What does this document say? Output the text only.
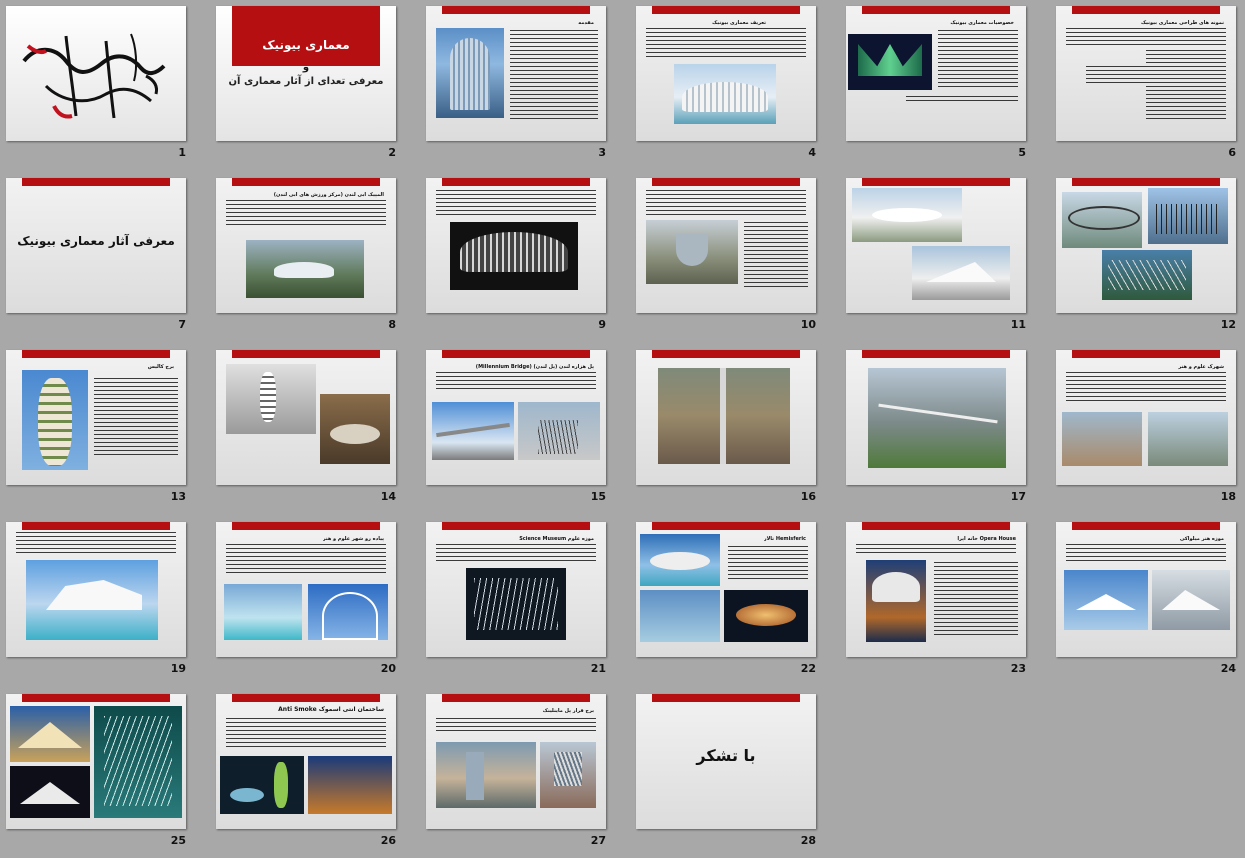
1
معماری بیونیک
و
معرفی تعدای از آثار معماری آن
2
مقدمه
3
تعریف معماری بیونیک
4
خصوصیات معماری بیونیک
5
نمونه های طراحی معماری بیونیک
6
معرفی آثار معماری بیونیک
7
المپیک آبی لندن (مرکز ورزش های آبی لندن)
8	9	10	11	12
برج کالیس
13	14
پل هزاره لندن (پل لندن) (Millennium Bridge)
15	16	17
شهرک علوم و هنر
18
19
پیاده رو شهر علوم و هنر
20
موزه علوم Science Museum
21
Hemisferic تالار
22
Opera House خانه اپرا
23
موزه هنر میلواکی
24
25
ساختمان آنتی اسموک Anti Smoke
26
برج قرار پل ماینلینک
27
با تشکر
28
